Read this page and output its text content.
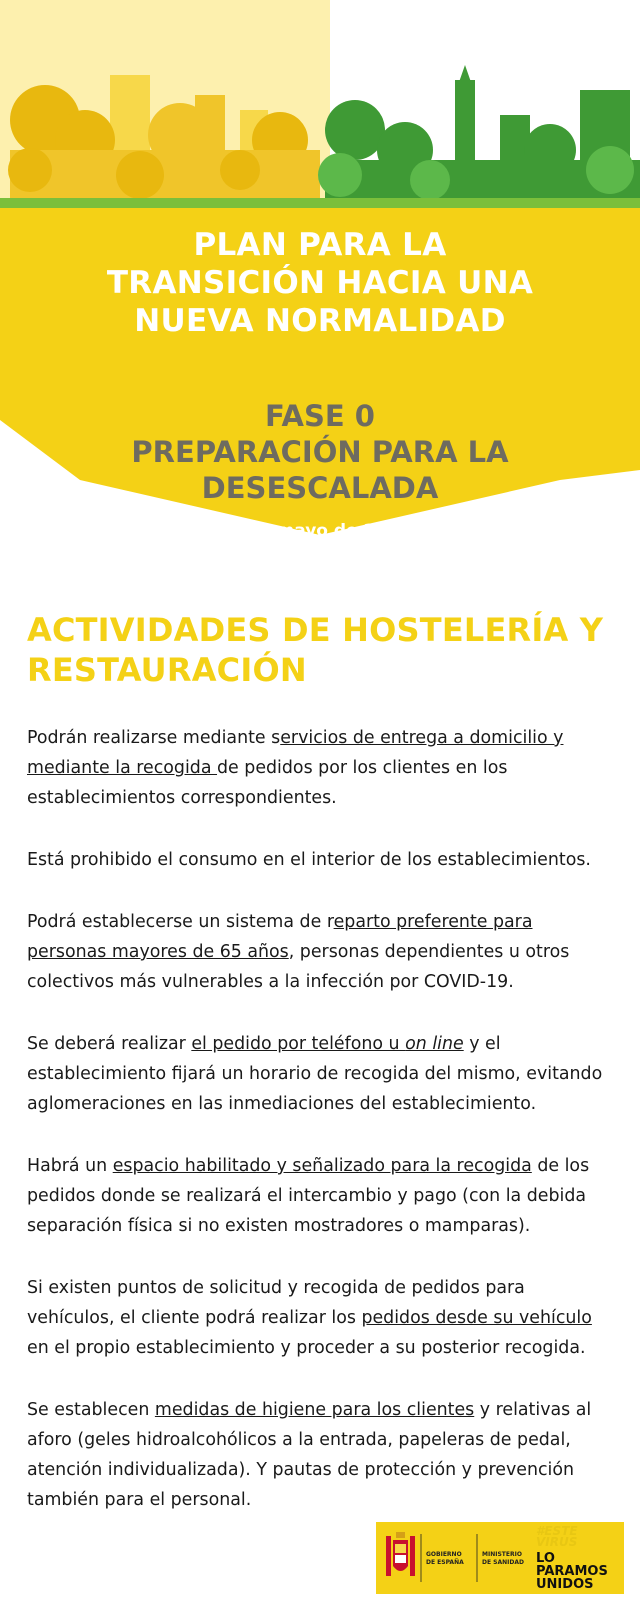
PLAN PARA LA
TRANSICIÓN HACIA UNA
NUEVA NORMALIDAD
FASE 0
PREPARACIÓN PARA LA
DESESCALADA
4 de mayo de 2020
ACTIVIDADES DE HOSTELERÍA Y
RESTAURACIÓN

Podrán realizarse mediante servicios de entrega a domicilio y mediante la recogida de pedidos por los clientes en los establecimientos correspondientes.

Está prohibido el consumo en el interior de los establecimientos.

Podrá establecerse un sistema de reparto preferente para personas mayores de 65 años, personas dependientes u otros colectivos más vulnerables a la infección por COVID-19.

Se deberá realizar el pedido por teléfono u on line y el establecimiento fijará un horario de recogida del mismo, evitando aglomeraciones en las inmediaciones del establecimiento.

Habrá un espacio habilitado y señalizado para la recogida de los pedidos donde se realizará el intercambio y pago (con la debida separación física si no existen mostradores o mamparas).

Si existen puntos de solicitud y recogida de pedidos para vehículos, el cliente podrá realizar los pedidos desde su vehículo en el propio establecimiento y proceder a su posterior recogida.

Se establecen medidas de higiene para los clientes y relativas al aforo (geles hidroalcohólicos a la entrada, papeleras de pedal, atención individualizada). Y pautas de protección y prevención también para el personal.

GOBIERNO
DE ESPAÑA
MINISTERIO
DE SANIDAD
#ESTE
VIRUS
LO
PARAMOS
UNIDOS
